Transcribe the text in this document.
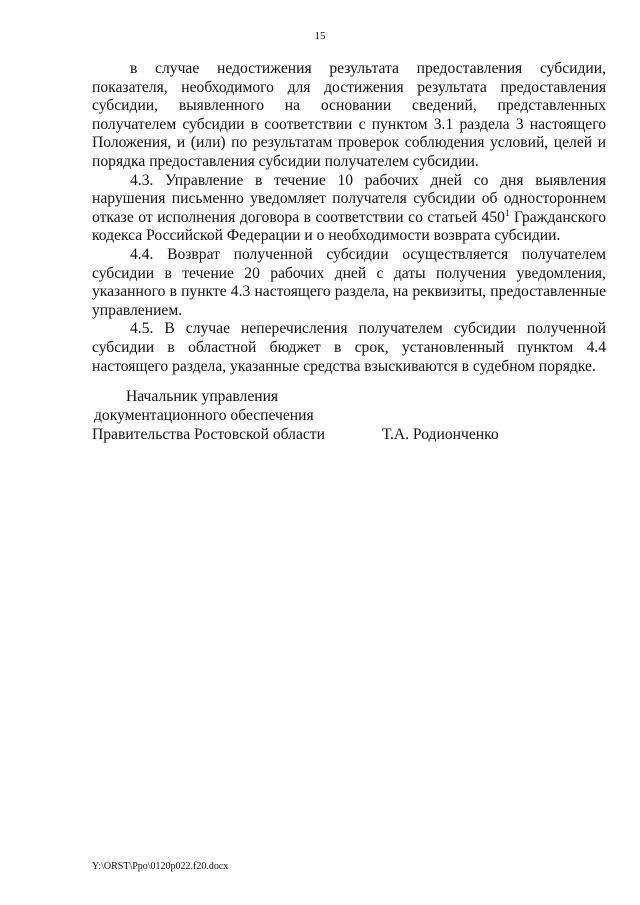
15

в случае недостижения результата предоставления субсидии, показателя, необходимого для достижения результата предоставления субсидии, выявленного на основании сведений, представленных получателем субсидии в соответствии с пунктом 3.1 раздела 3 настоящего Положения, и (или) по результатам проверок соблюдения условий, целей и порядка предоставления субсидии получателем субсидии.

4.3. Управление в течение 10 рабочих дней со дня выявления нарушения письменно уведомляет получателя субсидии об одностороннем отказе от исполнения договора в соответствии со статьей $450^1$ Гражданского кодекса Российской Федерации и о необходимости возврата субсидии.

4.4. Возврат полученной субсидии осуществляется получателем субсидии в течение 20 рабочих дней с даты получения уведомления, указанного в пункте 4.3 настоящего раздела, на реквизиты, предоставленные управлением.

4.5. В случае неперечисления получателем субсидии полученной субсидии в областной бюджет в срок, установленный пунктом 4.4 настоящего раздела, указанные средства взыскиваются в судебном порядке.

Начальник управления
документационного обеспечения
Правительства Ростовской области	Т.А. Родионченко
Y:\ORST\Ppo\0120p022.f20.docx
